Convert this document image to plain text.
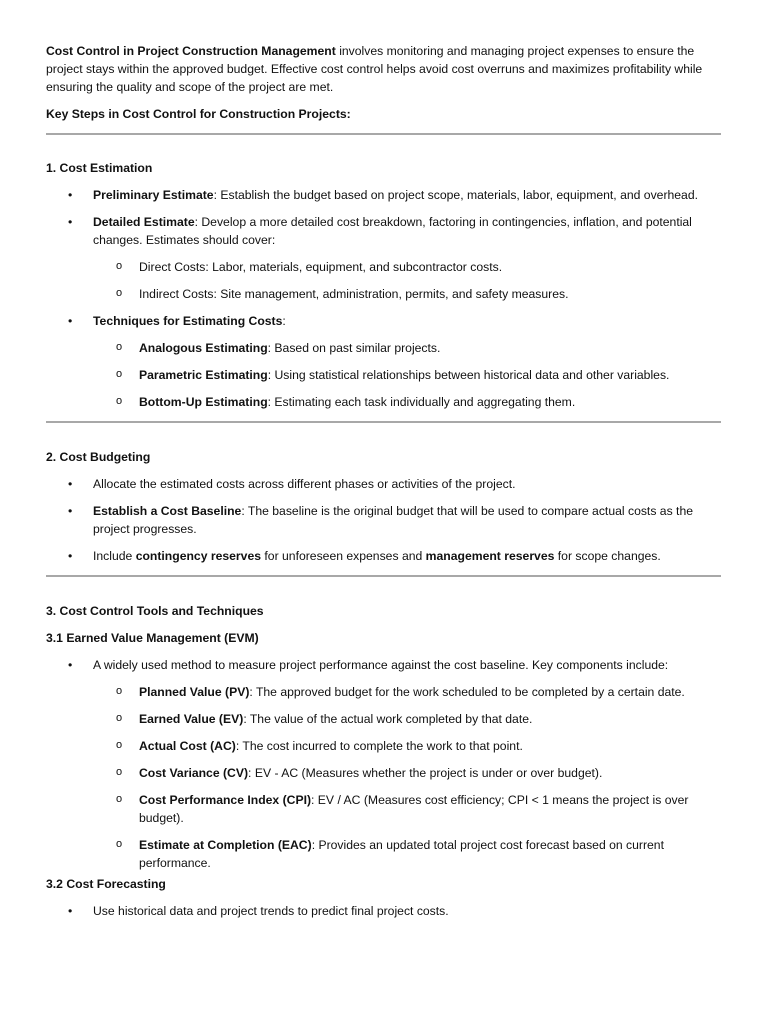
Cost Control in Project Construction Management involves monitoring and managing project expenses to ensure the project stays within the approved budget. Effective cost control helps avoid cost overruns and maximizes profitability while ensuring the quality and scope of the project are met.

Key Steps in Cost Control for Construction Projects:

1. Cost Estimation

• Preliminary Estimate: Establish the budget based on project scope, materials, labor, equipment, and overhead.
• Detailed Estimate: Develop a more detailed cost breakdown, factoring in contingencies, inflation, and potential changes. Estimates should cover:
o Direct Costs: Labor, materials, equipment, and subcontractor costs.
o Indirect Costs: Site management, administration, permits, and safety measures.
• Techniques for Estimating Costs:
o Analogous Estimating: Based on past similar projects.
o Parametric Estimating: Using statistical relationships between historical data and other variables.
o Bottom-Up Estimating: Estimating each task individually and aggregating them.

2. Cost Budgeting

• Allocate the estimated costs across different phases or activities of the project.
• Establish a Cost Baseline: The baseline is the original budget that will be used to compare actual costs as the project progresses.
• Include contingency reserves for unforeseen expenses and management reserves for scope changes.

3. Cost Control Tools and Techniques

3.1 Earned Value Management (EVM)

• A widely used method to measure project performance against the cost baseline. Key components include:
o Planned Value (PV): The approved budget for the work scheduled to be completed by a certain date.
o Earned Value (EV): The value of the actual work completed by that date.
o Actual Cost (AC): The cost incurred to complete the work to that point.
o Cost Variance (CV): EV - AC (Measures whether the project is under or over budget).
o Cost Performance Index (CPI): EV / AC (Measures cost efficiency; CPI < 1 means the project is over budget).
o Estimate at Completion (EAC): Provides an updated total project cost forecast based on current performance.

3.2 Cost Forecasting

• Use historical data and project trends to predict final project costs.
